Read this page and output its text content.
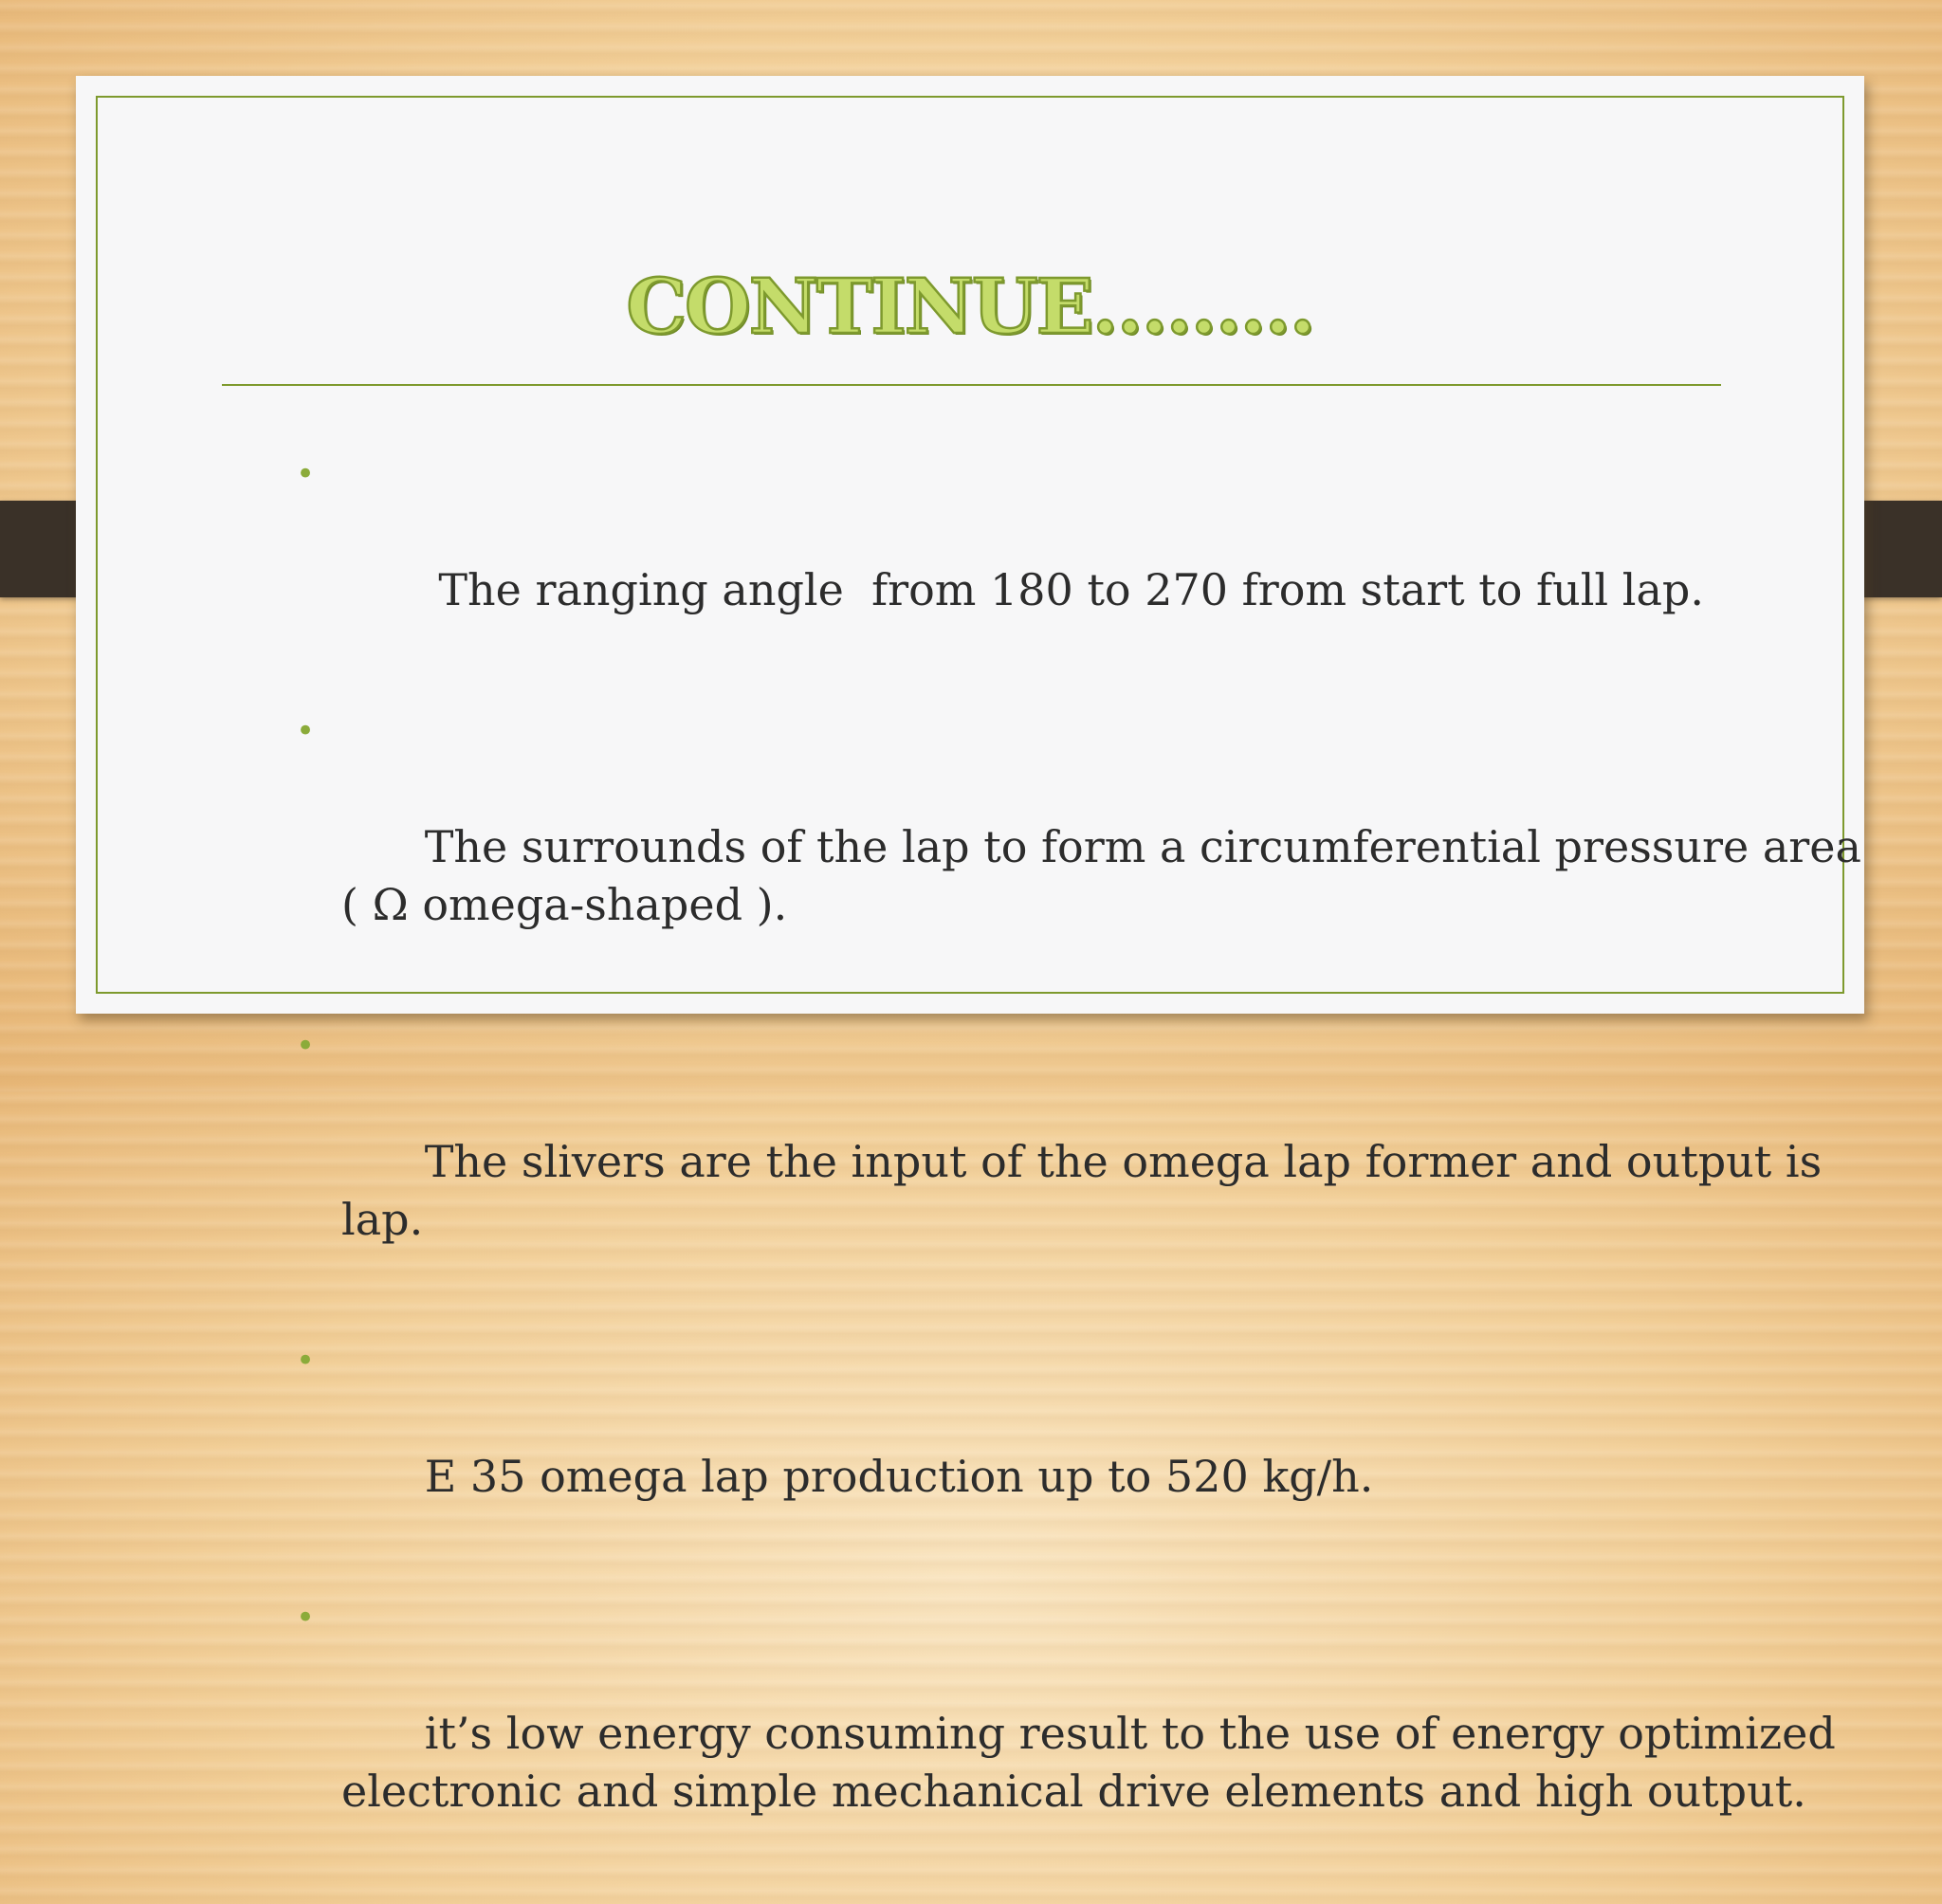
CONTINUE………

•

The ranging angle  from 180 to 270 from start to full lap.

•

The surrounds of the lap to form a circumferential pressure area ( Ω omega-shaped ).

•

The slivers are the input of the omega lap former and output is lap.

•

E 35 omega lap production up to 520 kg/h.

•

it’s low energy consuming result to the use of energy optimized electronic and simple mechanical drive elements and high output.
